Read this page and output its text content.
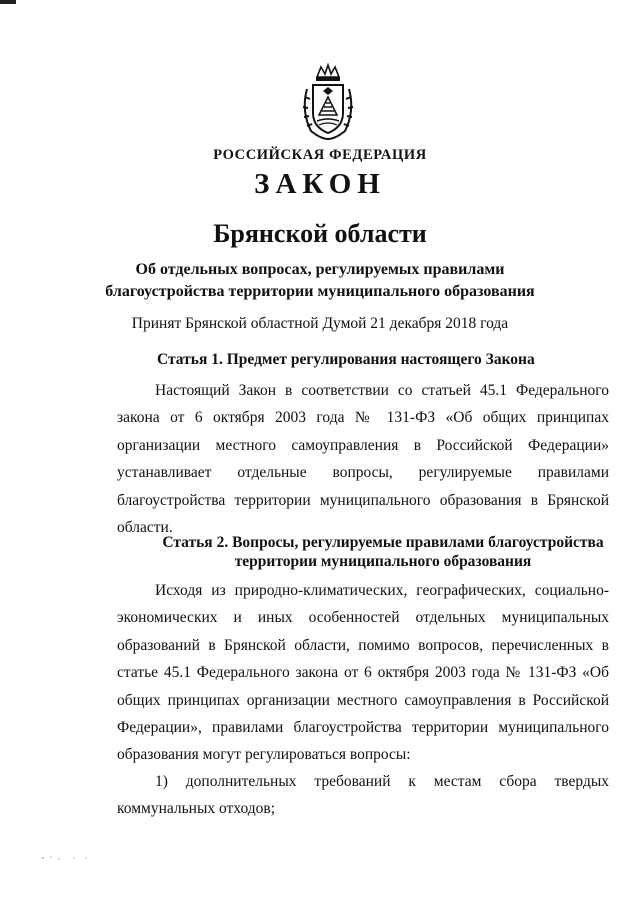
РОССИЙСКАЯ ФЕДЕРАЦИЯ
ЗАКОН
Брянской области
Об отдельных вопросах, регулируемых правилами
благоустройства территории муниципального образования
Принят Брянской областной Думой 21 декабря 2018 года
Статья 1. Предмет регулирования настоящего Закона

Настоящий Закон в соответствии со статьей 45.1 Федерального закона от 6 октября 2003 года № 131-ФЗ «Об общих принципах организации местного самоуправления в Российской Федерации» устанавливает отдельные вопросы, регулируемые правилами благоустройства территории муниципального образования в Брянской области.

Статья 2. Вопросы, регулируемые правилами благоустройства
территории муниципального образования

Исходя из природно-климатических, географических, социально-экономических и иных особенностей отдельных муниципальных образований в Брянской области, помимо вопросов, перечисленных в статье 45.1 Федерального закона от 6 октября 2003 года № 131-ФЗ «Об общих принципах организации местного самоуправления в Российской Федерации», правилами благоустройства территории муниципального образования могут регулироваться вопросы:

1) дополнительных требований к местам сбора твердых коммунальных отходов;
